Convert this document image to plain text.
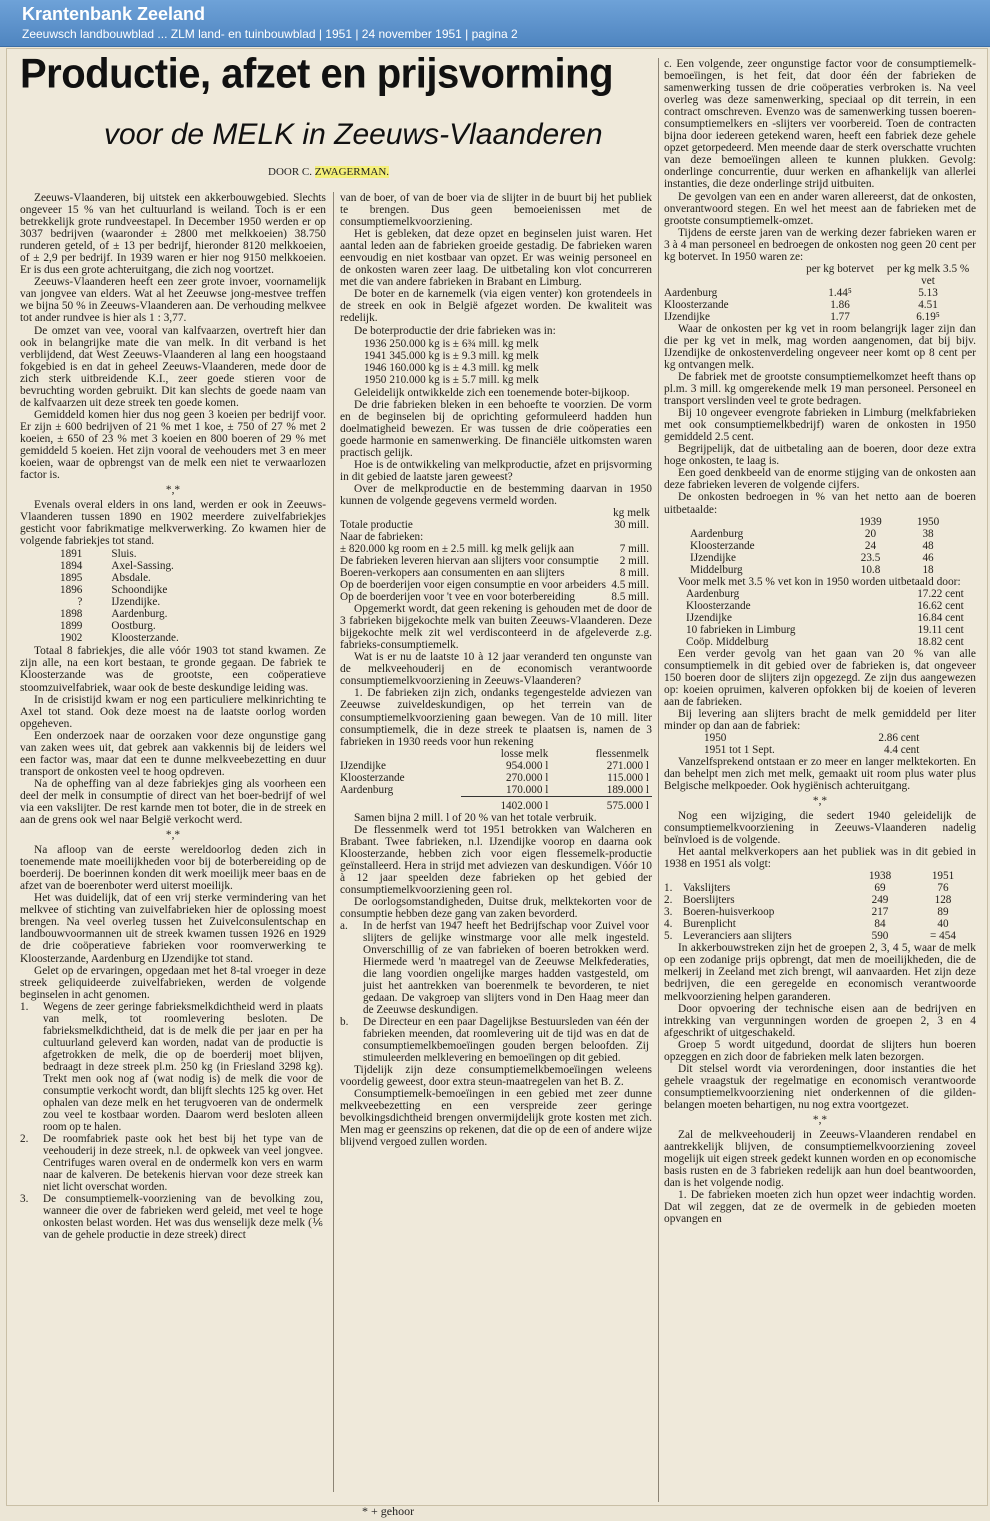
Krantenbank Zeeland
Zeeuwsch landbouwblad ... ZLM land- en tuinbouwblad | 1951 | 24 november 1951 | pagina 2
Productie, afzet en prijsvorming
voor de MELK in Zeeuws-Vlaanderen
DOOR C. ZWAGERMAN.

Zeeuws-Vlaanderen, bij uitstek een akkerbouwgebied. Slechts ongeveer 15 % van het cultuurland is weiland. Toch is er een betrekkelijk grote rundveestapel. In December 1950 werden er op 3037 bedrijven (waaronder ± 2800 met melkkoeien) 38.750 runderen geteld, of ± 13 per bedrijf, hieronder 8120 melkkoeien, of ± 2,9 per bedrijf. In 1939 waren er hier nog 9150 melkkoeien. Er is dus een grote achteruitgang, die zich nog voortzet.

Zeeuws-Vlaanderen heeft een zeer grote invoer, voornamelijk van jongvee van elders. Wat al het Zeeuwse jong-mestvee treffen we bijna 50 % in Zeeuws-Vlaanderen aan. De verhouding melkvee tot ander rundvee is hier als 1 : 3,77.

De omzet van vee, vooral van kalfvaarzen, overtreft hier dan ook in belangrijke mate die van melk. In dit verband is het verblijdend, dat West Zeeuws-Vlaanderen al lang een hoogstaand fokgebied is en dat in geheel Zeeuws-Vlaanderen, mede door de zich sterk uitbreidende K.I., zeer goede stieren voor de bevruchting worden gebruikt. Dit kan slechts de goede naam van de kalfvaarzen uit deze streek ten goede komen.

Gemiddeld komen hier dus nog geen 3 koeien per bedrijf voor. Er zijn ± 600 bedrijven of 21 % met 1 koe, ± 750 of 27 % met 2 koeien, ± 650 of 23 % met 3 koeien en 800 boeren of 29 % met gemiddeld 5 koeien. Het zijn vooral de veehouders met 3 en meer koeien, waar de opbrengst van de melk een niet te verwaarlozen factor is.

*,*

Evenals overal elders in ons land, werden er ook in Zeeuws-Vlaanderen tussen 1890 en 1902 meerdere zuivelfabriekjes gesticht voor fabrikmatige melkverwerking. Zo kwamen hier de volgende fabriekjes tot stand.

1891	Sluis.
1894	Axel-Sassing.
1895	Absdale.
1896	Schoondijke
?	IJzendijke.
1898	Aardenburg.
1899	Oostburg.
1902	Kloosterzande.

Totaal 8 fabriekjes, die alle vóór 1903 tot stand kwamen. Ze zijn alle, na een kort bestaan, te gronde gegaan. De fabriek te Kloosterzande was de grootste, een coöperatieve stoomzuivelfabriek, waar ook de beste deskundige leiding was.

In de crisistijd kwam er nog een particuliere melkinrichting te Axel tot stand. Ook deze moest na de laatste oorlog worden opgeheven.

Een onderzoek naar de oorzaken voor deze ongunstige gang van zaken wees uit, dat gebrek aan vakkennis bij de leiders wel een factor was, maar dat een te dunne melkveebezetting en duur transport de onkosten veel te hoog opdreven.

Na de opheffing van al deze fabriekjes ging als voorheen een deel der melk in consumptie of direct van het boer-bedrijf of wel via een vakslijter. De rest karnde men tot boter, die in de streek en aan de grens ook wel naar België verkocht werd.

*,*

Na afloop van de eerste wereldoorlog deden zich in toenemende mate moeilijkheden voor bij de boterbereiding op de boerderij. De boerinnen konden dit werk moeilijk meer baas en de afzet van de boerenboter werd uiterst moeilijk.

Het was duidelijk, dat of een vrij sterke vermindering van het melkvee of stichting van zuivelfabrieken hier de oplossing moest brengen. Na veel overleg tussen het Zuivelconsulentschap en landbouwvoormannen uit de streek kwamen tussen 1926 en 1929 de drie coöperatieve fabrieken voor roomverwerking te Kloosterzande, Aardenburg en IJzendijke tot stand.

Gelet op de ervaringen, opgedaan met het 8-tal vroeger in deze streek geliquideerde zuivelfabrieken, werden de volgende beginselen in acht genomen.

1.	Wegens de zeer geringe fabrieksmelkdichtheid werd in plaats van melk, tot roomlevering besloten. De fabrieksmelkdichtheid, dat is de melk die per jaar en per ha cultuurland geleverd kan worden, nadat van de productie is afgetrokken de melk, die op de boerderij moet blijven, bedraagt in deze streek pl.m. 250 kg (in Friesland 3298 kg). Trekt men ook nog af (wat nodig is) de melk die voor de consumptie verkocht wordt, dan blijft slechts 125 kg over. Het ophalen van deze melk en het terugvoeren van de ondermelk zou veel te kostbaar worden. Daarom werd besloten alleen room op te halen.
2.	De roomfabriek paste ook het best bij het type van de veehouderij in deze streek, n.l. de opkweek van veel jongvee. Centrifuges waren overal en de ondermelk kon vers en warm naar de kalveren. De betekenis hiervan voor deze streek kan niet licht overschat worden.
3.	De consumptiemelk-voorziening van de bevolking zou, wanneer die over de fabrieken werd geleid, met veel te hoge onkosten belast worden. Het was dus wenselijk deze melk (⅙ van de gehele productie in deze streek) direct

van de boer, of van de boer via de slijter in de buurt bij het publiek te brengen. Dus geen bemoeienissen met de consumptiemelkvoorziening.

Het is gebleken, dat deze opzet en beginselen juist waren. Het aantal leden aan de fabrieken groeide gestadig. De fabrieken waren eenvoudig en niet kostbaar van opzet. Er was weinig personeel en de onkosten waren zeer laag. De uitbetaling kon vlot concurreren met die van andere fabrieken in Brabant en Limburg.

De boter en de karnemelk (via eigen venter) kon grotendeels in de streek en ook in België afgezet worden. De kwaliteit was redelijk.

De boterproductie der drie fabrieken was in:

1936	250.000 kg is ±	6¾ mill. kg melk
1941	345.000 kg is ±	9.3 mill. kg melk
1946	160.000 kg is ±	4.3 mill. kg melk
1950	210.000 kg is ±	5.7 mill. kg melk

Geleidelijk ontwikkelde zich een toenemende boter-bijkoop.

De drie fabrieken bleken in een behoefte te voorzien. De vorm en de beginselen bij de oprichting geformuleerd hadden hun doelmatigheid bewezen. Er was tussen de drie coöperaties een goede harmonie en samenwerking. De financiële uitkomsten waren practisch gelijk.

Hoe is de ontwikkeling van melkproductie, afzet en prijsvorming in dit gebied de laatste jaren geweest?

Over de melkproductie en de bestemming daarvan in 1950 kunnen de volgende gegevens vermeld worden.

kg melk
Totale productie	30 mill.
Naar de fabrieken:	
± 820.000 kg room en ± 2.5 mill. kg melk gelijk aan	7 mill.
De fabrieken leveren hiervan aan slijters voor consumptie	2 mill.
Boeren-verkopers aan consumenten en aan slijters	8 mill.
Op de boerderijen voor eigen consumptie en voor arbeiders	4.5 mill.
Op de boerderijen voor 't vee en voor boterbereiding	8.5 mill.

Opgemerkt wordt, dat geen rekening is gehouden met de door de 3 fabrieken bijgekochte melk van buiten Zeeuws-Vlaanderen. Deze bijgekochte melk zit wel verdisconteerd in de afgeleverde z.g. fabrieks-consumptiemelk.

Wat is er nu de laatste 10 à 12 jaar veranderd ten ongunste van de melkveehouderij en de economisch verantwoorde consumptiemelkvoorziening in Zeeuws-Vlaanderen?

1. De fabrieken zijn zich, ondanks tegengestelde adviezen van Zeeuwse zuiveldeskundigen, op het terrein van de consumptiemelkvoorziening gaan bewegen. Van de 10 mill. liter consumptiemelk, die in deze streek te plaatsen is, namen de 3 fabrieken in 1930 reeds voor hun rekening

	losse melk	flessenmelk
IJzendijke	954.000 l	271.000 l
Kloosterzande	270.000 l	115.000 l
Aardenburg	170.000 l	189.000 l
	1402.000 l	575.000 l

Samen bijna 2 mill. l of 20 % van het totale verbruik.

De flessenmelk werd tot 1951 betrokken van Walcheren en Brabant. Twee fabrieken, n.l. IJzendijke voorop en daarna ook Kloosterzande, hebben zich voor eigen flessemelk-productie geïnstalleerd. Hera in strijd met adviezen van deskundigen. Vóór 10 à 12 jaar speelden deze fabrieken op het gebied der consumptiemelkvoorziening geen rol.

De oorlogsomstandigheden, Duitse druk, melktekorten voor de consumptie hebben deze gang van zaken bevorderd.

a.	In de herfst van 1947 heeft het Bedrijfschap voor Zuivel voor slijters de gelijke winstmarge voor alle melk ingesteld. Onverschillig of ze van fabrieken of boeren betrokken werd. Hiermede werd 'n maatregel van de Zeeuwse Melkfederaties, die lang voordien ongelijke marges hadden vastgesteld, om juist het aantrekken van boerenmelk te bevorderen, te niet gedaan. De vakgroep van slijters vond in Den Haag meer dan de Zeeuwse deskundigen.
b.	De Directeur en een paar Dagelijkse Bestuursleden van één der fabrieken meenden, dat roomlevering uit de tijd was en dat de consumptiemelkbemoeïingen gouden bergen beloofden. Zij stimuleerden melklevering en bemoeïingen op dit gebied.

Tijdelijk zijn deze consumptiemelkbemoeïingen weleens voordelig geweest, door extra steun-maatregelen van het B. Z.

Consumptiemelk-bemoeïingen in een gebied met zeer dunne melkveebezetting en een verspreide zeer geringe bevolkingsdichtheid brengen onvermijdelijk grote kosten met zich. Men mag er geenszins op rekenen, dat die op de een of andere wijze blijvend vergoed zullen worden.

c. Een volgende, zeer ongunstige factor voor de consumptiemelk-bemoeïingen, is het feit, dat door één der fabrieken de samenwerking tussen de drie coöperaties verbroken is. Na veel overleg was deze samenwerking, speciaal op dit terrein, in een contract omschreven. Evenzo was de samenwerking tussen boeren-consumptiemelkers en -slijters ver voorbereid. Toen de contracten bijna door iedereen getekend waren, heeft een fabriek deze gehele opzet getorpedeerd. Men meende daar de sterk overschatte vruchten van deze bemoeïingen alleen te kunnen plukken. Gevolg: onderlinge concurrentie, duur werken en afhankelijk van allerlei instanties, die deze onderlinge strijd uitbuiten.

De gevolgen van een en ander waren allereerst, dat de onkosten, onverantwoord stegen. En wel het meest aan de fabrieken met de grootste consumptiemelk-omzet.

Tijdens de eerste jaren van de werking dezer fabrieken waren er 3 à 4 man personeel en bedroegen de onkosten nog geen 20 cent per kg botervet. In 1950 waren ze:

	per kg botervet	per kg melk 3.5 % vet
Aardenburg	1.44⁵	5.13
Kloosterzande	1.86	4.51
IJzendijke	1.77	6.19⁵

Waar de onkosten per kg vet in room belangrijk lager zijn dan die per kg vet in melk, mag worden aangenomen, dat bij bijv. IJzendijke de onkostenverdeling ongeveer neer komt op 8 cent per kg ontvangen melk.

De fabriek met de grootste consumptiemelkomzet heeft thans op pl.m. 3 mill. kg omgerekende melk 19 man personeel. Personeel en transport verslinden veel te grote bedragen.

Bij 10 ongeveer evengrote fabrieken in Limburg (melkfabrieken met ook consumptiemelkbedrijf) waren de onkosten in 1950 gemiddeld 2.5 cent.

Begrijpelijk, dat de uitbetaling aan de boeren, door deze extra hoge onkosten, te laag is.

Een goed denkbeeld van de enorme stijging van de onkosten aan deze fabrieken leveren de volgende cijfers.

De onkosten bedroegen in % van het netto aan de boeren uitbetaalde:

	1939	1950
Aardenburg	20	38
Kloosterzande	24	48
IJzendijke	23.5	46
Middelburg	10.8	18

Voor melk met 3.5 % vet kon in 1950 worden uitbetaald door:

Aardenburg	17.22 cent
Kloosterzande	16.62 cent
IJzendijke	16.84 cent
10 fabrieken in Limburg	19.11 cent
Coöp. Middelburg	18.82 cent

Een verder gevolg van het gaan van 20 % van alle consumptiemelk in dit gebied over de fabrieken is, dat ongeveer 150 boeren door de slijters zijn opgezegd. Ze zijn dus aangewezen op: koeien opruimen, kalveren opfokken bij de koeien of leveren aan de fabrieken.

Bij levering aan slijters bracht de melk gemiddeld per liter minder op dan aan de fabriek:

1950	2.86 cent
1951 tot 1 Sept.	4.4 cent

Vanzelfsprekend ontstaan er zo meer en langer melktekorten. En dan behelpt men zich met melk, gemaakt uit room plus water plus Belgische melkpoeder. Ook hygiënisch achteruitgang.

*,*

Nog een wijziging, die sedert 1940 geleidelijk de consumptiemelkvoorziening in Zeeuws-Vlaanderen nadelig beïnvloed is de volgende.

Het aantal melkverkopers aan het publiek was in dit gebied in 1938 en 1951 als volgt:

		1938	1951
1.	Vakslijters	69	76
2.	Boerslijters	249	128
3.	Boeren-huisverkoop	217	89
4.	Burenplicht	84	40
5.	Leveranciers aan slijters	590	= 454

In akkerbouwstreken zijn het de groepen 2, 3, 4 5, waar de melk op een zodanige prijs opbrengt, dat men de moeilijkheden, die de melkerij in Zeeland met zich brengt, wil aanvaarden. Het zijn deze bedrijven, die een geregelde en economisch verantwoorde melkvoorziening helpen garanderen.

Door opvoering der technische eisen aan de bedrijven en intrekking van vergunningen worden de groepen 2, 3 en 4 afgeschrikt of uitgeschakeld.

Groep 5 wordt uitgedund, doordat de slijters hun boeren opzeggen en zich door de fabrieken melk laten bezorgen.

Dit stelsel wordt via verordeningen, door instanties die het gehele vraagstuk der regelmatige en economisch verantwoorde consumptiemelkvoorziening niet onderkennen of die gilden-belangen moeten behartigen, nu nog extra voortgezet.

*,*

Zal de melkveehouderij in Zeeuws-Vlaanderen rendabel en aantrekkelijk blijven, de consumptiemelkvoorziening zoveel mogelijk uit eigen streek gedekt kunnen worden en op economische basis rusten en de 3 fabrieken redelijk aan hun doel beantwoorden, dan is het volgende nodig.

1. De fabrieken moeten zich hun opzet weer indachtig worden. Dat wil zeggen, dat ze de overmelk in de gebieden moeten opvangen en

* + gehoor
